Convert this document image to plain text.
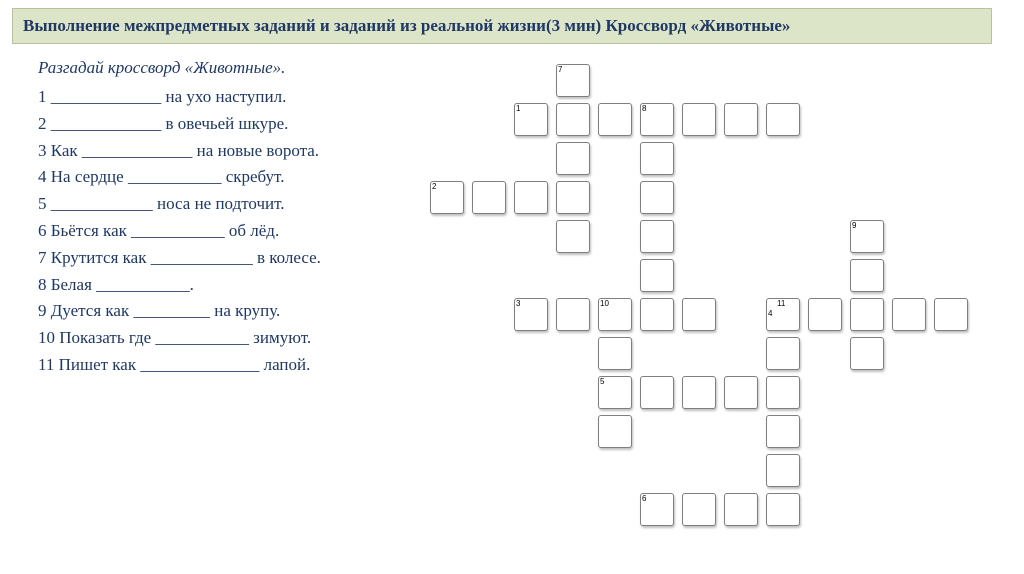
Выполнение межпредметных заданий и заданий из реальной жизни(3 мин) Кроссворд «Животные»
Разгадай кроссворд «Животные».
1 _____________ на ухо наступил.
2 _____________ в овечьей шкуре.
3 Как _____________ на новые ворота.
4 На сердце ___________ скребут.
5 ____________ носа не подточит.
6 Бьётся как ___________ об лёд.
7 Крутится как ____________ в колесе.
8 Белая ___________.
9 Дуется как _________ на крупу.
10 Показать где ___________ зимуют.
11 Пишет как ______________ лапой.
7
1	8
2
9
3	10	11
4
5
6
